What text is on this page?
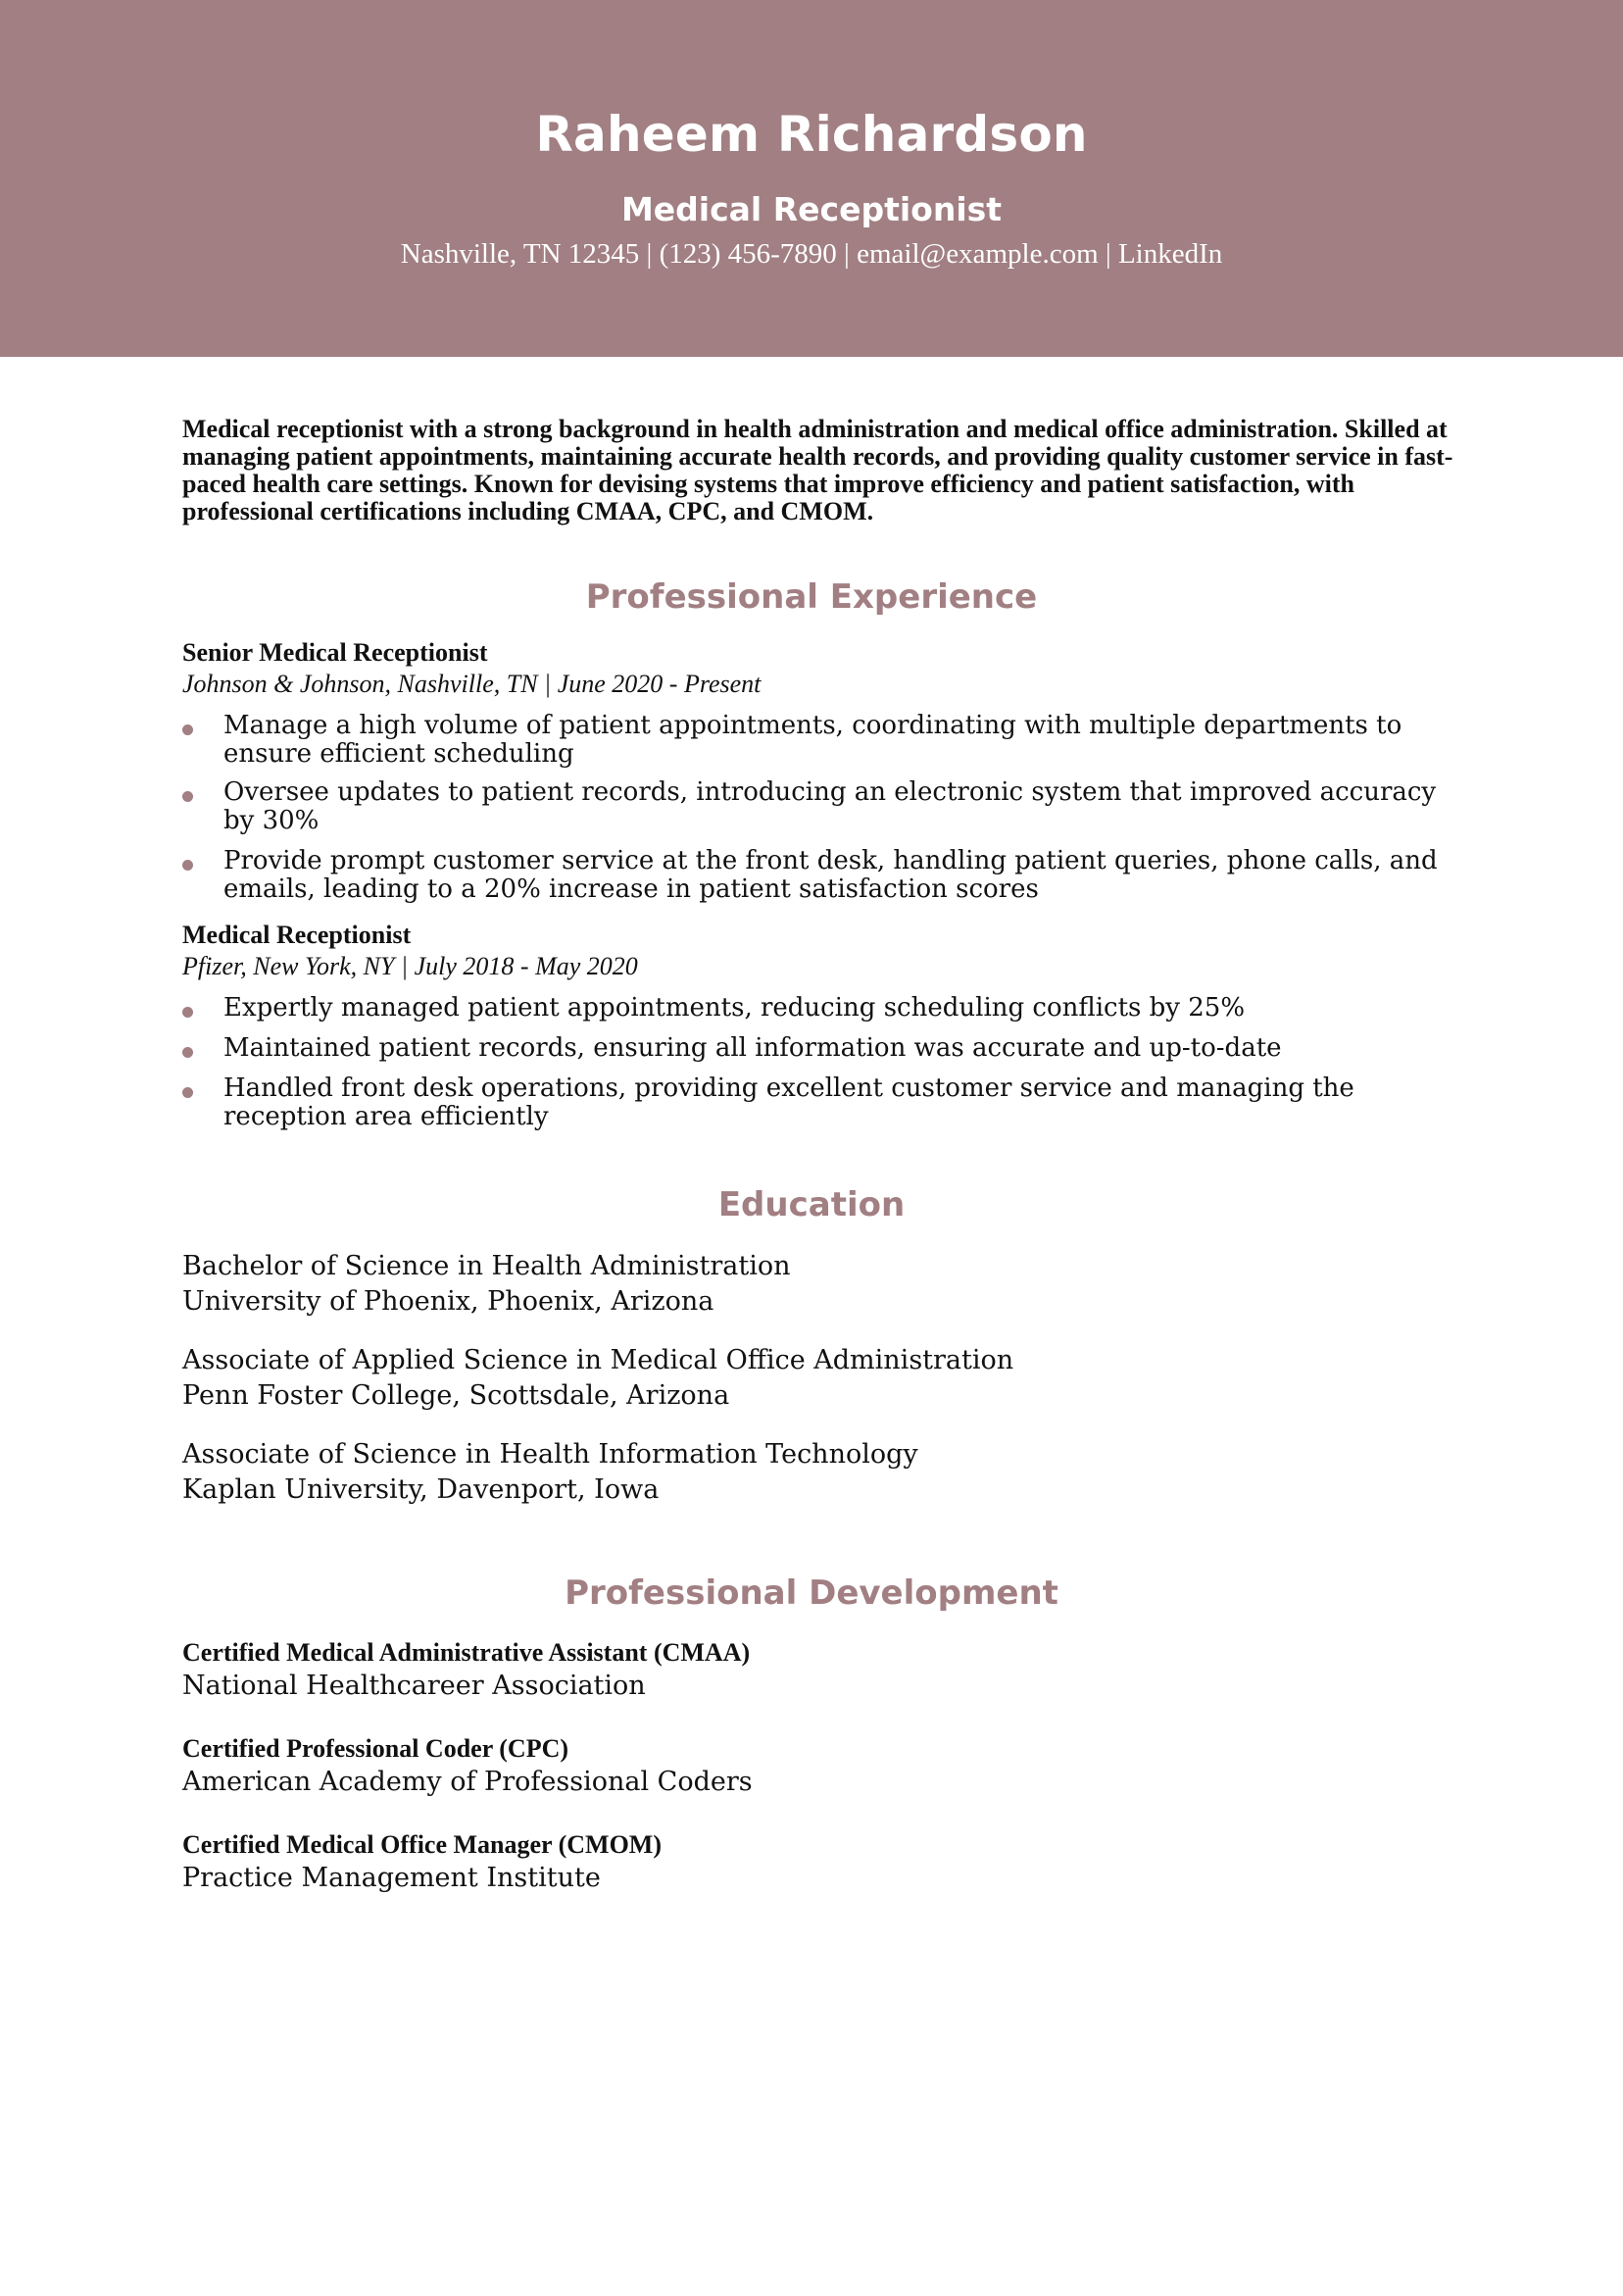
Raheem Richardson
Medical Receptionist
Nashville, TN 12345 | (123) 456-7890 | email@example.com | LinkedIn

Medical receptionist with a strong background in health administration and medical office administration. Skilled at managing patient appointments, maintaining accurate health records, and providing quality customer service in fast-paced health care settings. Known for devising systems that improve efficiency and patient satisfaction, with professional certifications including CMAA, CPC, and CMOM.

Professional Experience

Senior Medical Receptionist

Johnson & Johnson, Nashville, TN | June 2020 - Present

Manage a high volume of patient appointments, coordinating with multiple departments to ensure efficient scheduling
Oversee updates to patient records, introducing an electronic system that improved accuracy by 30%
Provide prompt customer service at the front desk, handling patient queries, phone calls, and emails, leading to a 20% increase in patient satisfaction scores

Medical Receptionist

Pfizer, New York, NY | July 2018 - May 2020

Expertly managed patient appointments, reducing scheduling conflicts by 25%
Maintained patient records, ensuring all information was accurate and up-to-date
Handled front desk operations, providing excellent customer service and managing the reception area efficiently
Education

Bachelor of Science in Health Administration

University of Phoenix, Phoenix, Arizona

Associate of Applied Science in Medical Office Administration

Penn Foster College, Scottsdale, Arizona

Associate of Science in Health Information Technology

Kaplan University, Davenport, Iowa

Professional Development

Certified Medical Administrative Assistant (CMAA)

National Healthcareer Association

Certified Professional Coder (CPC)

American Academy of Professional Coders

Certified Medical Office Manager (CMOM)

Practice Management Institute
